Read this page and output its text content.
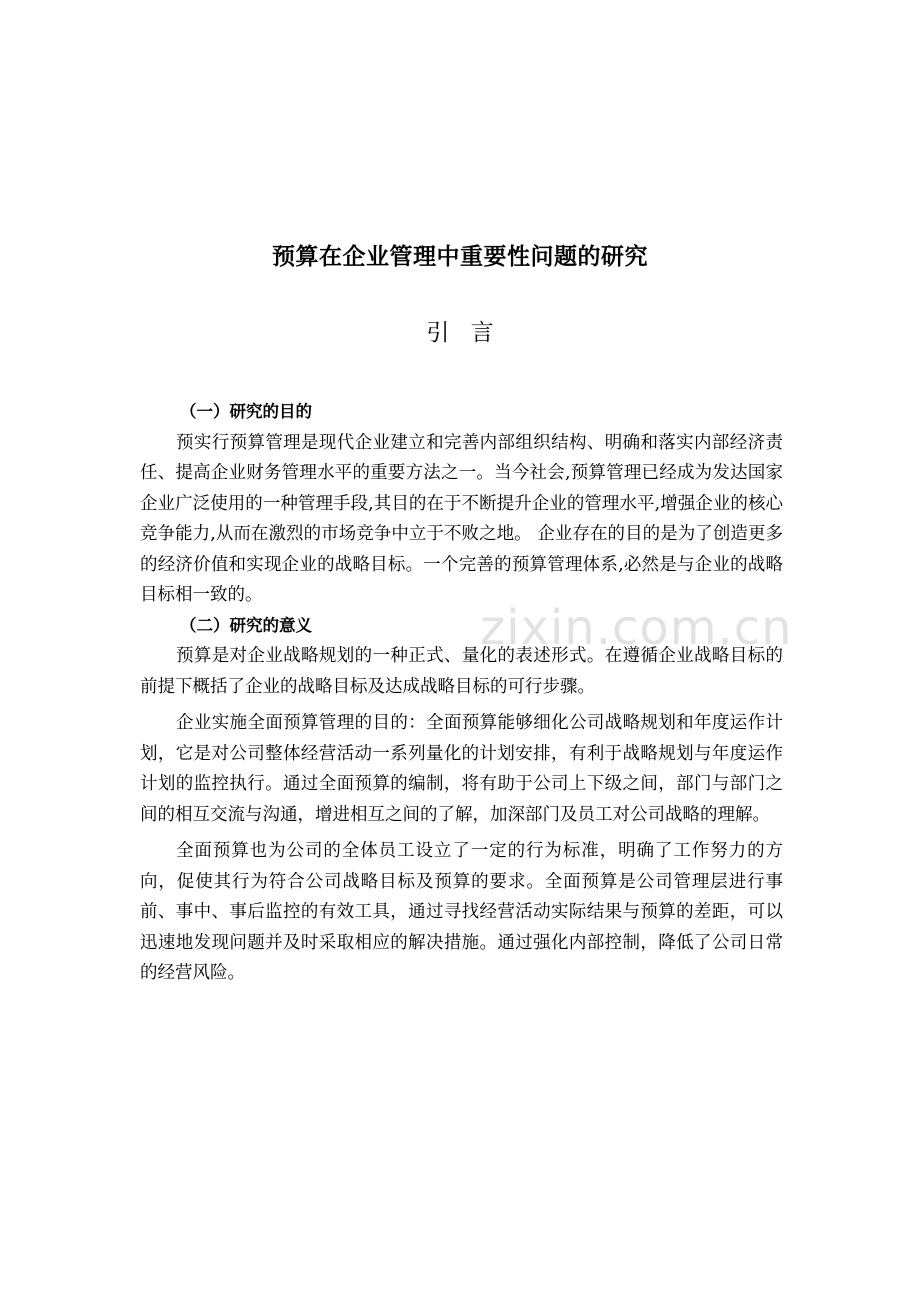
预算在企业管理中重要性问题的研究
引 言

（一）研究的目的

预实行预算管理是现代企业建立和完善内部组织结构、明确和落实内部经济责任、提高企业财务管理水平的重要方法之一。当今社会,预算管理已经成为发达国家企业广泛使用的一种管理手段,其目的在于不断提升企业的管理水平,增强企业的核心竞争能力,从而在激烈的市场竞争中立于不败之地。 企业存在的目的是为了创造更多的经济价值和实现企业的战略目标。一个完善的预算管理体系,必然是与企业的战略目标相一致的。

（二）研究的意义

预算是对企业战略规划的一种正式、量化的表述形式。在遵循企业战略目标的前提下概括了企业的战略目标及达成战略目标的可行步骤。

企业实施全面预算管理的目的：全面预算能够细化公司战略规划和年度运作计划，它是对公司整体经营活动一系列量化的计划安排，有利于战略规划与年度运作计划的监控执行。通过全面预算的编制，将有助于公司上下级之间，部门与部门之间的相互交流与沟通，增进相互之间的了解，加深部门及员工对公司战略的理解。

全面预算也为公司的全体员工设立了一定的行为标准，明确了工作努力的方向，促使其行为符合公司战略目标及预算的要求。全面预算是公司管理层进行事前、事中、事后监控的有效工具，通过寻找经营活动实际结果与预算的差距，可以迅速地发现问题并及时采取相应的解决措施。通过强化内部控制，降低了公司日常的经营风险。

zixin.com.cn
